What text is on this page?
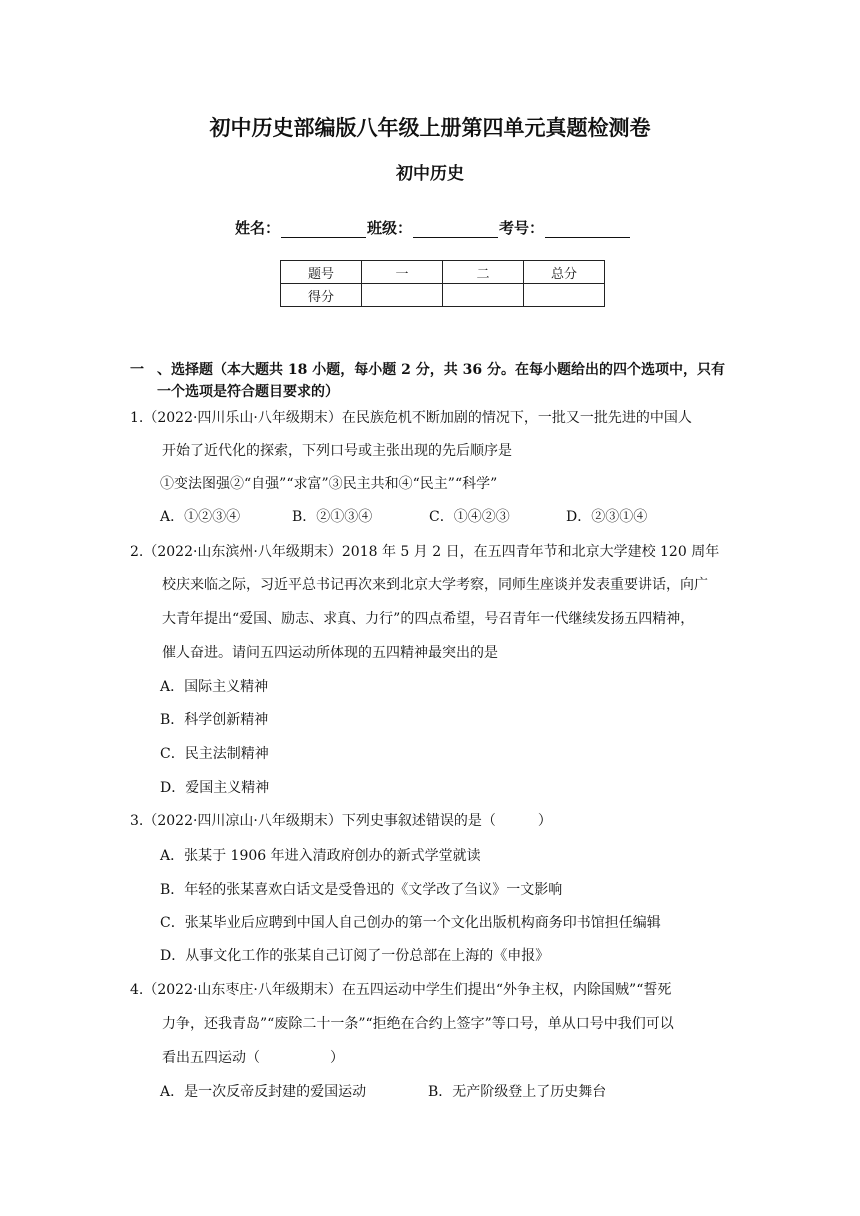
初中历史部编版八年级上册第四单元真题检测卷
初中历史
姓名：	班级：	考号：
题号	一	二	总分
得分			
一 、选择题（本大题共 18 小题，每小题 2 分，共 36 分。在每小题给出的四个选项中，只有
一个选项是符合题目要求的）
1.（2022·四川乐山·八年级期末）在民族危机不断加剧的情况下，一批又一批先进的中国人
开始了近代化的探索，下列口号或主张出现的先后顺序是
①变法图强②“自强”“求富”③民主共和④“民主”“科学”
A．①②③④	B．②①③④	C．①④②③	D．②③①④
2.（2022·山东滨州·八年级期末）2018 年 5 月 2 日，在五四青年节和北京大学建校 120 周年
校庆来临之际，习近平总书记再次来到北京大学考察，同师生座谈并发表重要讲话，向广
大青年提出“爱国、励志、求真、力行”的四点希望，号召青年一代继续发扬五四精神，
催人奋进。请问五四运动所体现的五四精神最突出的是
A．国际主义精神
B．科学创新精神
C．民主法制精神
D．爱国主义精神
3.（2022·四川凉山·八年级期末）下列史事叙述错误的是（　　　）
A．张某于 1906 年进入清政府创办的新式学堂就读
B．年轻的张某喜欢白话文是受鲁迅的《文学改了刍议》一文影响
C．张某毕业后应聘到中国人自己创办的第一个文化出版机构商务印书馆担任编辑
D．从事文化工作的张某自己订阅了一份总部在上海的《申报》
4.（2022·山东枣庄·八年级期末）在五四运动中学生们提出“外争主权，内除国贼”“誓死
力争，还我青岛”“废除二十一条”“拒绝在合约上签字”等口号，单从口号中我们可以
看出五四运动（　　　　　）
A．是一次反帝反封建的爱国运动	B．无产阶级登上了历史舞台
